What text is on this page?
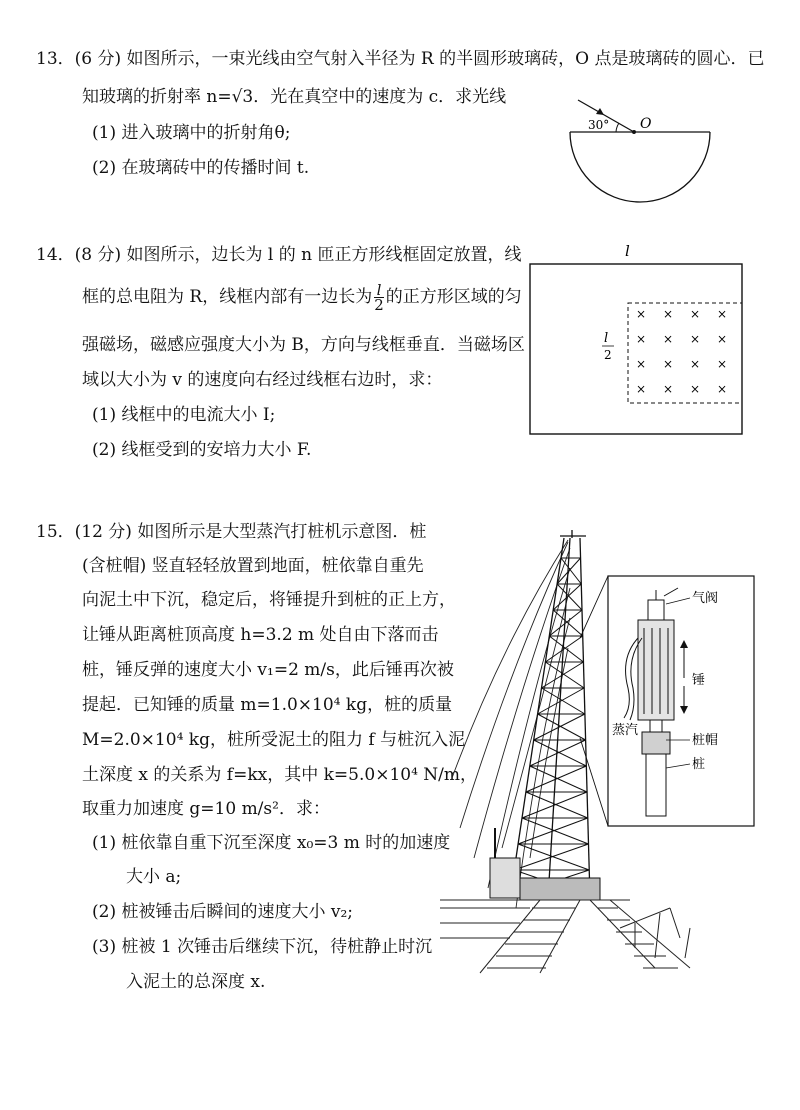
13．(6 分) 如图所示，一束光线由空气射入半径为 R 的半圆形玻璃砖，O 点是玻璃砖的圆心．已
知玻璃的折射率 n=√3．光在真空中的速度为 c．求光线
(1) 进入玻璃中的折射角θ;
(2) 在玻璃砖中的传播时间 t.
30° O
14．(8 分) 如图所示，边长为 l 的 n 匝正方形线框固定放置，线
框的总电阻为 R，线框内部有一边长为 $\frac{l}{2}$ 的正方形区域的匀
强磁场，磁感应强度大小为 B，方向与线框垂直．当磁场区
域以大小为 v 的速度向右经过线框右边时，求：
(1) 线框中的电流大小 I;
(2) 线框受到的安培力大小 F.
l
l
2
× × × ×
× × × ×
× × × ×
× × × ×
15．(12 分) 如图所示是大型蒸汽打桩机示意图．桩
(含桩帽) 竖直轻轻放置到地面，桩依靠自重先
向泥土中下沉，稳定后，将锤提升到桩的正上方，
让锤从距离桩顶高度 h=3.2 m 处自由下落而击
桩，锤反弹的速度大小 v₁=2 m/s，此后锤再次被
提起．已知锤的质量 m=1.0×10⁴ kg，桩的质量
M=2.0×10⁴ kg，桩所受泥土的阻力 f 与桩沉入泥
土深度 x 的关系为 f=kx，其中 k=5.0×10⁴ N/m，
取重力加速度 g=10 m/s²．求：
(1) 桩依靠自重下沉至深度 x₀=3 m 时的加速度
大小 a;
(2) 桩被锤击后瞬间的速度大小 v₂;
(3) 桩被 1 次锤击后继续下沉，待桩静止时沉
入泥土的总深度 x.
气阀
锤
蒸汽
桩帽
桩
